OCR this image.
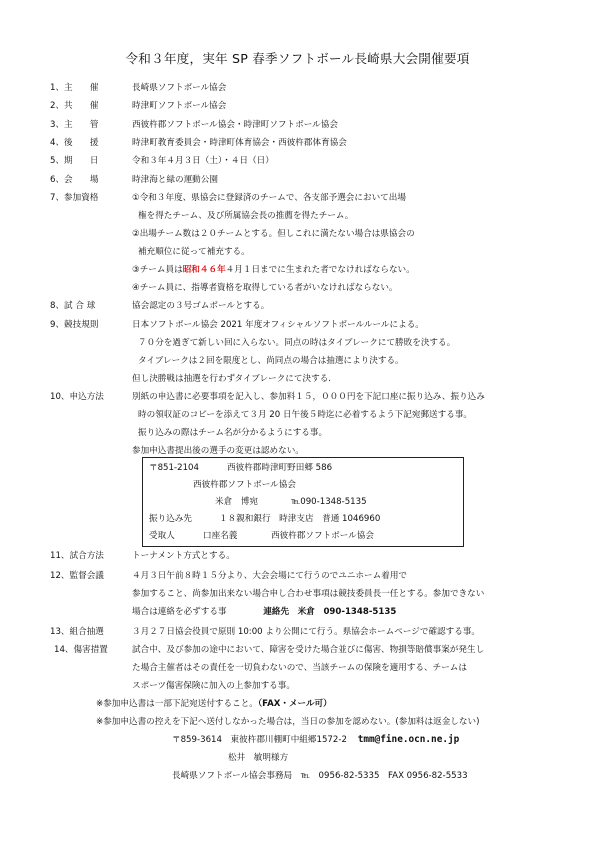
令和３年度，実年 SP 春季ソフトボール長崎県大会開催要項
1、主　　催	長崎県ソフトボール協会
2、共　　催	時津町ソフトボール協会
3、主　　管	西彼杵郡ソフトボール協会・時津町ソフトボール協会
4、後　　援	時津町教育委員会・時津町体育協会・西彼杵郡体育協会
5、期　　日	令和３年４月３日（土）・４日（日）
6、会　　場	時津海と緑の運動公園
7、参加資格	①令和３年度、県協会に登録済のチームで、各支部予選会において出場
権を得たチーム、及び所属協会長の推薦を得たチーム。
②出場チーム数は２０チームとする。但しこれに満たない場合は県協会の
補充順位に従って補充する。
③チーム員は昭和４６年４月１日までに生まれた者でなければならない。
④チーム員に、指導者資格を取得している者がいなければならない。
8、試 合 球	協会認定の３号ゴムボールとする。
9、競技規則	日本ソフトボール協会 2021 年度オフィシャルソフトボールルールによる。
７０分を過ぎて新しい回に入らない。同点の時はタイブレークにて勝敗を決する。
タイブレークは２回を限度とし、尚同点の場合は抽選により決する。
但し決勝戦は抽選を行わずタイブレークにて決する.
10、申込方法	別紙の申込書に必要事項を記入し、参加料１５，０００円を下記口座に振り込み、振り込み
時の領収証のコピーを添えて３月 20 日午後５時迄に必着するよう下記宛郵送する事。
振り込みの際はチーム名が分かるようにする事。
参加申込書提出後の選手の変更は認めない。
〒851-2104	西彼杵郡時津町野田郷 586
西彼杵郡ソフトボール協会
米倉　博宛	℡090-1348-5135
振り込み先	１８親和銀行　時津支店　普通 1046960
受取人	口座名義	西彼杵郡ソフトボール協会
11、試合方法	トーナメント方式とする。
12、監督会議	４月３日午前８時１５分より、大会会場にて行うのでユニホーム着用で
参加すること、尚参加出来ない場合申し合わせ事項は競技委員長一任とする。参加できない
場合は連絡を必ずする事	連絡先　米倉　090-1348-5135
13、組合抽選	３月２７日協会役員で原則 10:00 より公開にて行う。県協会ホームページで確認する事。
14、傷害措置	試合中、及び参加の途中において、障害を受けた場合並びに傷害、物損等賠償事案が発生し
た場合主催者はその責任を一切負わないので、当該チームの保険を適用する、チームは
スポーツ傷害保険に加入の上参加する事。
※参加申込書は一部下記宛送付すること。（FAX・メール可）
※参加申込書の控えを下記へ送付しなかった場合は，当日の参加を認めない。(参加料は返金しない)
〒859-3614　東彼杵郡川棚町中組郷1572-2 tmm@fine.ocn.ne.jp
松井　敏明様方
長崎県ソフトボール協会事務局　℡　0956-82-5335　FAX 0956-82-5533
